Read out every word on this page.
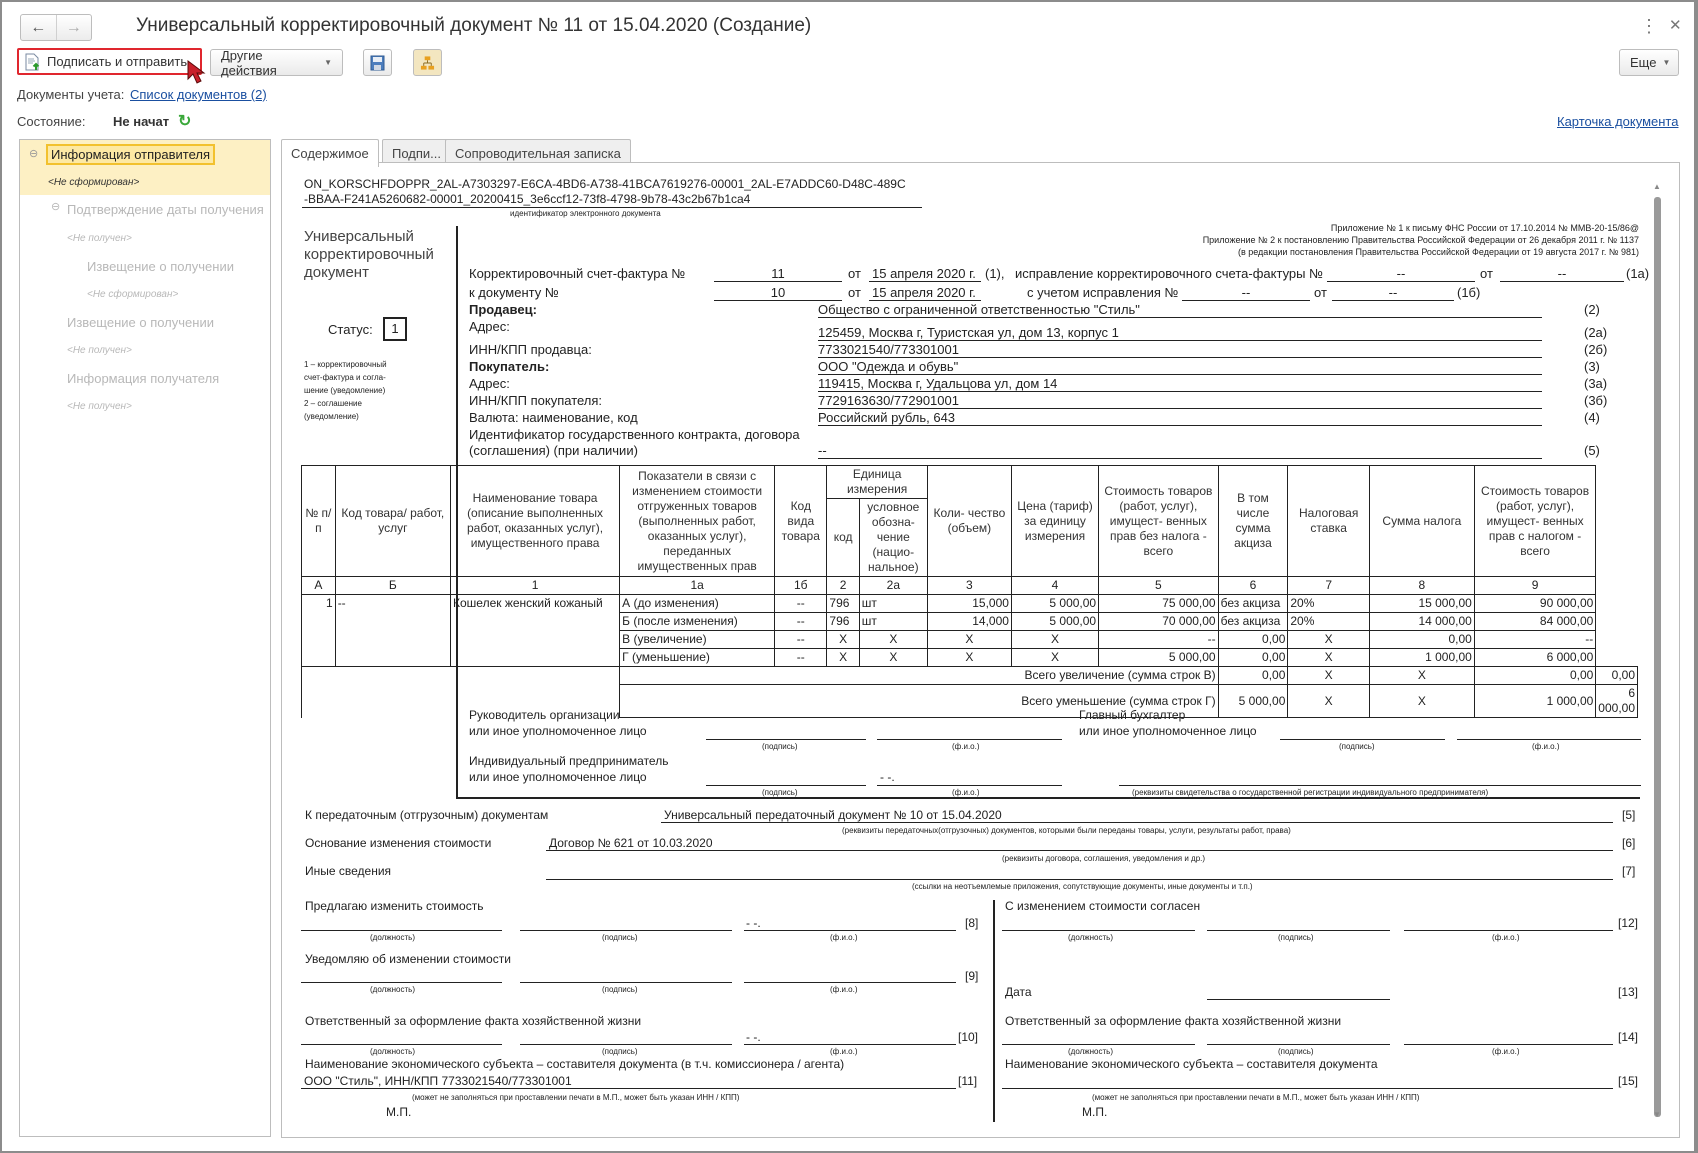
←	→	Универсальный корректировочный документ № 11 от 15.04.2020 (Создание)	⋮ ✕
Подписать и отправить	Другие действия	▼	Еще ▼
Документы учета: Список документов (2)
Состояние: Не начат ↻	Карточка документа
⊖ Информация отправителя
<Не сформирован>
⊖ Подтверждение даты получения
<Не получен>
Извещение о получении
<Не сформирован>
Извещение о получении
<Не получен>
Информация получателя
<Не получен>
Содержимое	Подпи...	Сопроводительная записка
▼
▲
ON_KORSCHFDOPPR_2AL-A7303297-E6CA-4BD6-A738-41BCA7619276-00001_2AL-E7ADDC60-D48C-489C
-BBAA-F241A5260682-00001_20200415_3e6ccf12-73f8-4798-9b78-43c2b67b1ca4
идентификатор электронного документа
Приложение № 1 к письму ФНС России от 17.10.2014 № ММВ-20-15/86@
Приложение № 2 к постановлению Правительства Российской Федерации от 26 декабря 2011 г. № 1137
(в редакции постановления Правительства Российской Федерации от 19 августа 2017 г. № 981)
Универсальный
корректировочный
документ
Статус:	1
1 – корректировочный
счет-фактура и согла-
шение (уведомление)
2 – соглашение
(уведомление)
Корректировочный счет-фактура №	11	от 15 апреля 2020 г. (1), исправление корректировочного счета-фактуры №	--	от	--	(1а)
к документу №	10	от 15 апреля 2020 г.	с учетом исправления №	--	от	--	(1б)
Продавец:	Общество с ограниченной ответственностью "Стиль"	(2)
Адрес:	125459, Москва г, Туристская ул, дом 13, корпус 1	(2а)
ИНН/КПП продавца:	7733021540/773301001	(2б)
Покупатель:	ООО "Одежда и обувь"	(3)
Адрес:	119415, Москва г, Удальцова ул, дом 14	(3а)
ИНН/КПП покупателя:	7729163630/772901001	(3б)
Валюта: наименование, код	Российский рубль, 643	(4)
Идентификатор государственного контракта, договора
(соглашения) (при наличии)	--	(5)
№ п/п	Код товара/ работ, услуг	Наименование товара (описание выполненных работ, оказанных услуг), имущественного права	Показатели в связи с изменением стоимости отгруженных товаров (выполненных работ, оказанных услуг), переданных имущественных прав	Код вида товара	Единица измерения		Коли- чество (объем)	Цена (тариф) за единицу измерения	Стоимость товаров (работ, услуг), имущест- венных прав без налога - всего	В том числе сумма акциза	Налоговая ставка	Сумма налога	Стоимость товаров (работ, услуг), имущест- венных прав с налогом - всего	
					код	условное обозна- чение (нацио- нальное)								
А	Б	1	1а	1б	2	2а	3	4	5	6	7	8	9	
1	--	Кошелек женский кожаный	А (до изменения)	--	796	шт	15,000	5 000,00	75 000,00	без акциза	20%	15 000,00	90 000,00	
			Б (после изменения)	--	796	шт	14,000	5 000,00	70 000,00	без акциза	20%	14 000,00	84 000,00	
			В (увеличение)	--	X	X	X	X	--	0,00	X	0,00	--	
			Г (уменьшение)	--	X	X	X	X	5 000,00	0,00	X	1 000,00	6 000,00	
			Всего увеличение (сумма строк В)							0,00	X	X	0,00	0,00
			Всего уменьшение (сумма строк Г)							5 000,00	X	X	1 000,00	6 000,00
Руководитель организации
или иное уполномоченное лицо
(подпись)	(ф.и.о.)
Главный бухгалтер
или иное уполномоченное лицо
(подпись)	(ф.и.о.)
Индивидуальный предприниматель
или иное уполномоченное лицо	- -.
(подпись)	(ф.и.о.)	(реквизиты свидетельства о государственной регистрации индивидуального предпринимателя)
К передаточным (отгрузочным) документам	Универсальный передаточный документ № 10 от 15.04.2020	[5]
(реквизиты передаточных(отгрузочных) документов, которыми были переданы товары, услуги, результаты работ, права)
Основание изменения стоимости	Договор № 621 от 10.03.2020	[6]
(реквизиты договора, соглашения, уведомления и др.)
Иные сведения	[7]
(ссылки на неотъемлемые приложения, сопутствующие документы, иные документы и т.п.)
Предлагаю изменить стоимость
- -.	[8]
(должность)	(подпись)	(ф.и.о.)
Уведомляю об изменении стоимости
[9]
(должность)	(подпись)	(ф.и.о.)
Ответственный за оформление факта хозяйственной жизни
- -.	[10]
(должность)	(подпись)	(ф.и.о.)
Наименование экономического субъекта – составителя документа (в т.ч. комиссионера / агента)
ООО "Стиль", ИНН/КПП 7733021540/773301001	[11]
(может не заполняться при проставлении печати в М.П., может быть указан ИНН / КПП)
М.П.
С изменением стоимости согласен
[12]
(должность)	(подпись)	(ф.и.о.)
Дата	[13]
Ответственный за оформление факта хозяйственной жизни
[14]
(должность)	(подпись)	(ф.и.о.)
Наименование экономического субъекта – составителя документа
[15]
(может не заполняться при проставлении печати в М.П., может быть указан ИНН / КПП)
М.П.
